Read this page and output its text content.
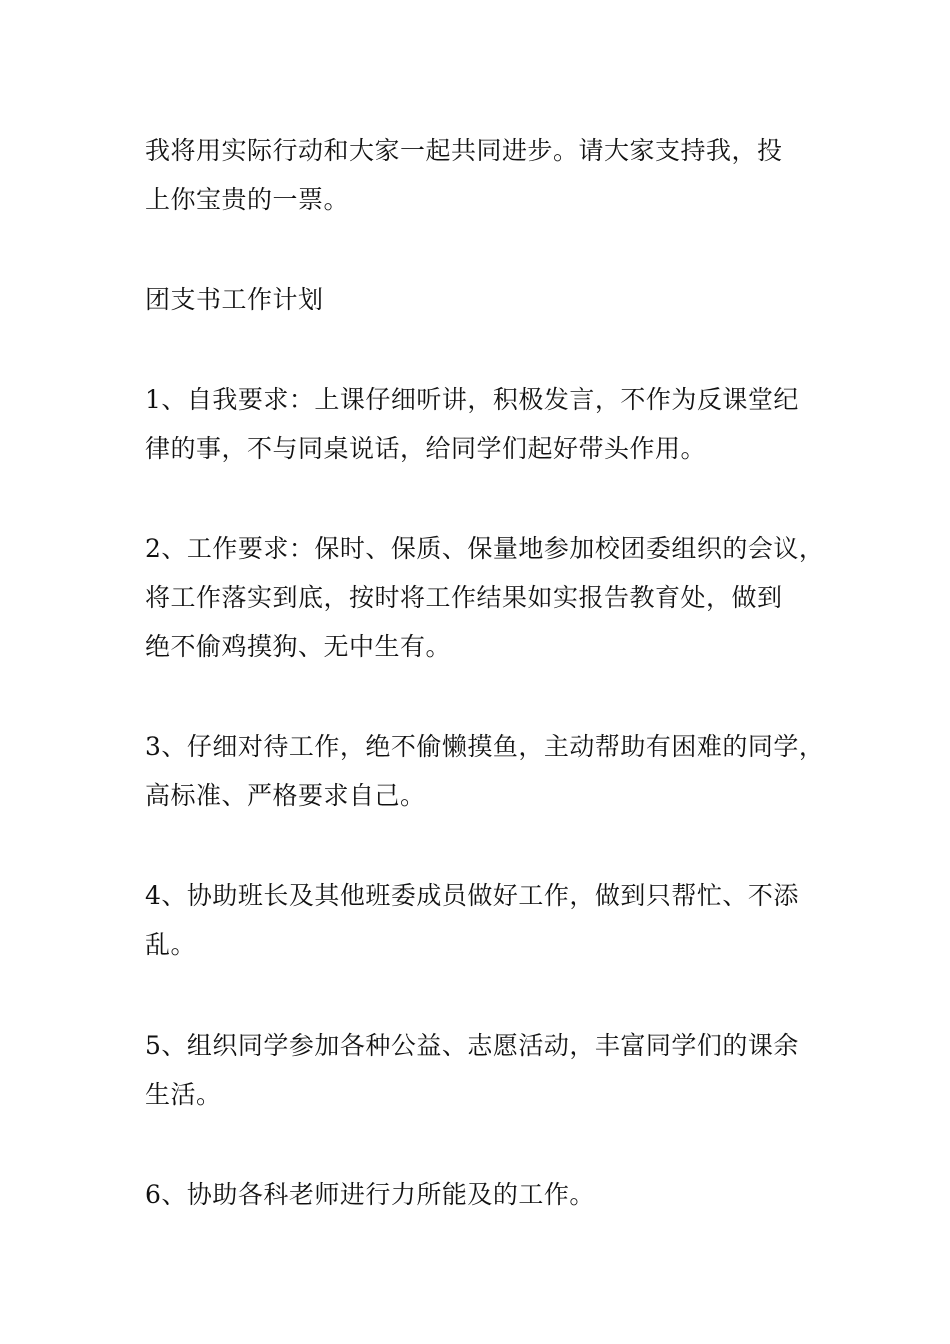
我将用实际行动和大家一起共同进步。请大家支持我，投
上你宝贵的一票。

团支书工作计划

1、自我要求：上课仔细听讲，积极发言，不作为反课堂纪
律的事，不与同桌说话，给同学们起好带头作用。

2、工作要求：保时、保质、保量地参加校团委组织的会议，
将工作落实到底，按时将工作结果如实报告教育处，做到
绝不偷鸡摸狗、无中生有。

3、仔细对待工作，绝不偷懒摸鱼，主动帮助有困难的同学，
高标准、严格要求自己。

4、协助班长及其他班委成员做好工作，做到只帮忙、不添
乱。

5、组织同学参加各种公益、志愿活动，丰富同学们的课余
生活。

6、协助各科老师进行力所能及的工作。
